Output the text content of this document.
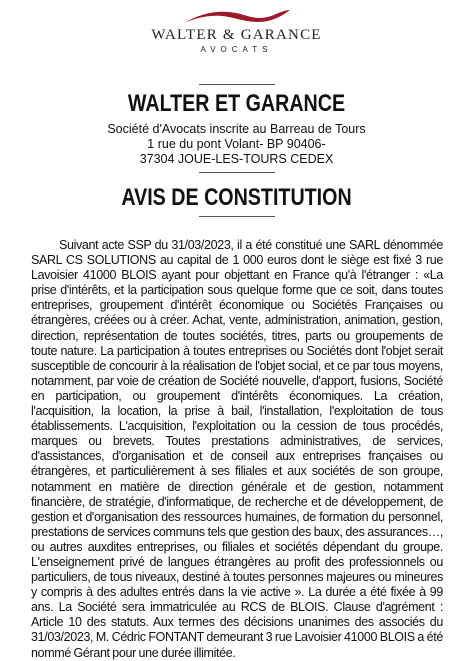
WALTER & GARANCE
AVOCATS
WALTER ET GARANCE
Société d'Avocats inscrite au Barreau de Tours
1 rue du pont Volant- BP 90406-
37304 JOUE-LES-TOURS CEDEX
AVIS DE CONSTITUTION

Suivant acte SSP du 31/03/2023, il a été constitué une SARL dénommée SARL CS SOLUTIONS au capital de 1 000 euros dont le siège est fixé 3 rue Lavoisier 41000 BLOIS ayant pour objettant en France qu'à l'étranger : «La prise d'intérêts, et la participation sous quelque forme que ce soit, dans toutes entreprises, groupement d'intérêt économique ou Sociétés Françaises ou étrangères, créées ou à créer. Achat, vente, administration, animation, gestion, direction, représentation de toutes sociétés, titres, parts ou groupements de toute nature. La participation à toutes entreprises ou Sociétés dont l'objet serait susceptible de concourir à la réalisation de l'objet social, et ce par tous moyens, notamment, par voie de création de Société nouvelle, d'apport, fusions, Société en participation, ou groupement d'intérêts économiques. La création, l'acquisition, la location, la prise à bail, l'installation, l'exploitation de tous établissements. L'acquisition, l'exploitation ou la cession de tous procédés, marques ou brevets. Toutes prestations administratives, de services, d'assistances, d'organisation et de conseil aux entreprises françaises ou étrangères, et particulièrement à ses filiales et aux sociétés de son groupe, notamment en matière de direction générale et de gestion, notamment financière, de stratégie, d'informatique, de recherche et de développement, de gestion et d'organisation des ressources humaines, de formation du personnel, prestations de services communs tels que gestion des baux, des assurances…, ou autres auxdites entreprises, ou filiales et sociétés dépendant du groupe. L'enseignement privé de langues étrangères au profit des professionnels ou particuliers, de tous niveaux, destiné à toutes personnes majeures ou mineures y compris à des adultes entrés dans la vie active ». La durée a été fixée à 99 ans. La Société sera immatriculée au RCS de BLOIS. Clause d'agrément : Article 10 des statuts. Aux termes des décisions unanimes des associés du 31/03/2023, M. Cédric FONTANT demeurant 3 rue Lavoisier 41000 BLOIS a été nommé Gérant pour une durée illimitée.
